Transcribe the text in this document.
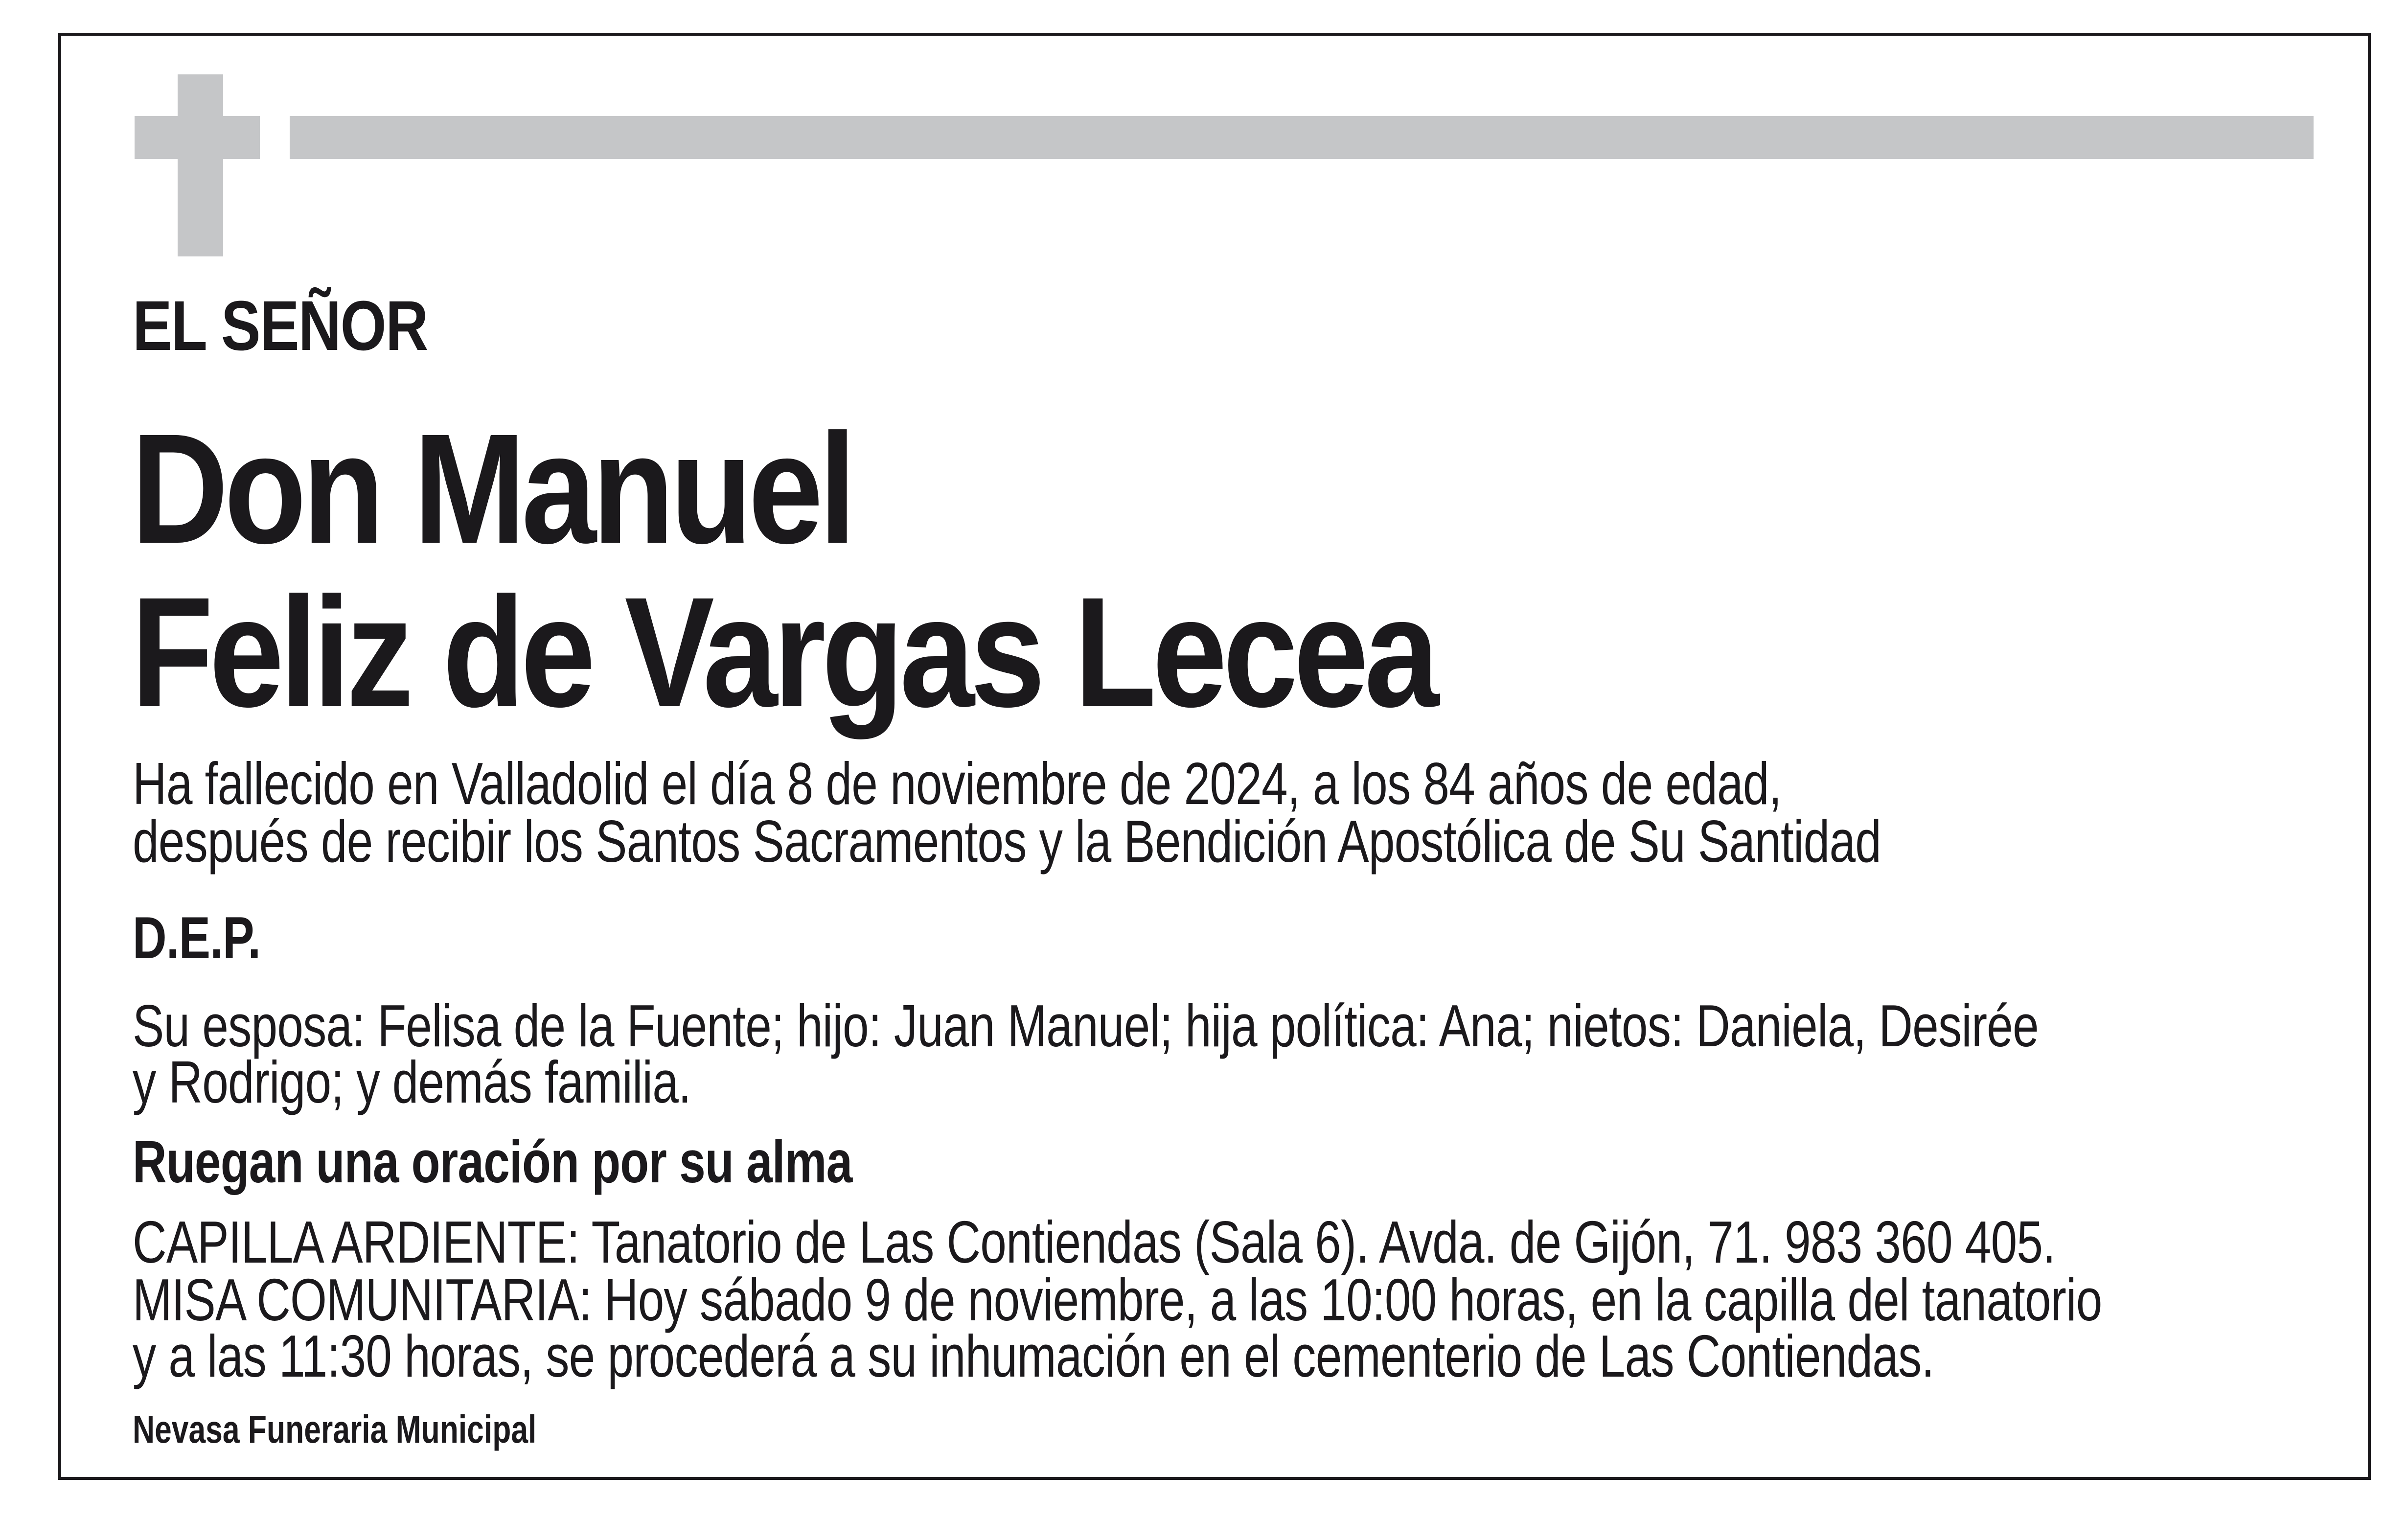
EL SEÑOR
Don Manuel
Feliz de Vargas Lecea
Ha fallecido en Valladolid el día 8 de noviembre de 2024, a los 84 años de edad,
después de recibir los Santos Sacramentos y la Bendición Apostólica de Su Santidad
D.E.P.
Su esposa: Felisa de la Fuente; hijo: Juan Manuel; hija política: Ana; nietos: Daniela, Desirée
y Rodrigo; y demás familia.
Ruegan una oración por su alma
CAPILLA ARDIENTE: Tanatorio de Las Contiendas (Sala 6). Avda. de Gijón, 71. 983 360 405.
MISA COMUNITARIA: Hoy sábado 9 de noviembre, a las 10:00 horas, en la capilla del tanatorio
y a las 11:30 horas, se procederá a su inhumación en el cementerio de Las Contiendas.
Nevasa Funeraria Municipal
